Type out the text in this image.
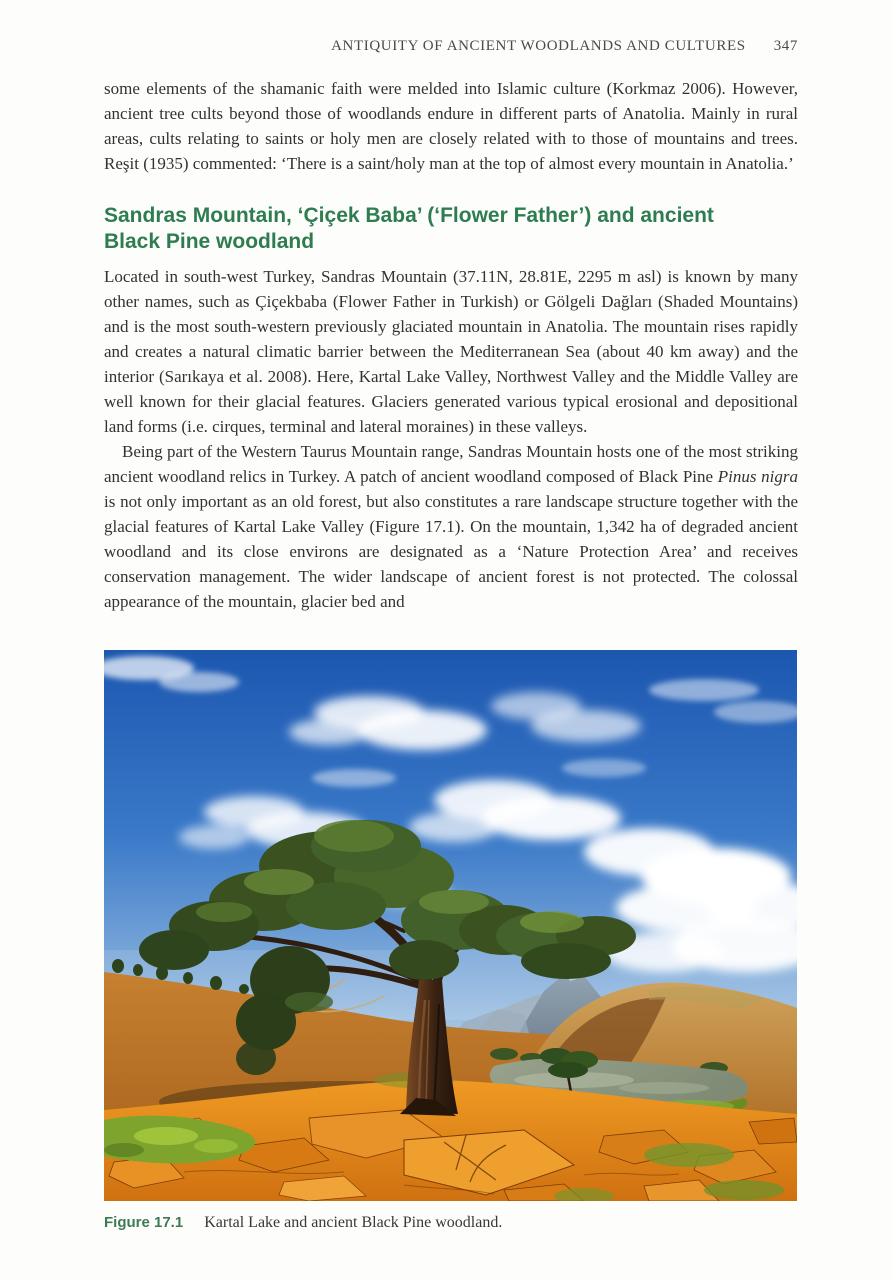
ANTIQUITY OF ANCIENT WOODLANDS AND CULTURES 347

some elements of the shamanic faith were melded into Islamic culture (Korkmaz 2006). However, ancient tree cults beyond those of woodlands endure in different parts of Anatolia. Mainly in rural areas, cults relating to saints or holy men are closely related with to those of mountains and trees. Reşit (1935) commented: ‘There is a saint/holy man at the top of almost every mountain in Anatolia.’

Sandras Mountain, ‘Çiçek Baba’ (‘Flower Father’) and ancient Black Pine woodland

Located in south-west Turkey, Sandras Mountain (37.11N, 28.81E, 2295 m asl) is known by many other names, such as Çiçekbaba (Flower Father in Turkish) or Gölgeli Dağları (Shaded Mountains) and is the most south-western previously glaciated mountain in Anatolia. The mountain rises rapidly and creates a natural climatic barrier between the Mediterranean Sea (about 40 km away) and the interior (Sarıkaya et al. 2008). Here, Kartal Lake Valley, Northwest Valley and the Middle Valley are well known for their glacial features. Glaciers generated various typical erosional and depositional land forms (i.e. cirques, terminal and lateral moraines) in these valleys.

Being part of the Western Taurus Mountain range, Sandras Mountain hosts one of the most striking ancient woodland relics in Turkey. A patch of ancient woodland composed of Black Pine Pinus nigra is not only important as an old forest, but also constitutes a rare landscape structure together with the glacial features of Kartal Lake Valley (Figure 17.1). On the mountain, 1,342 ha of degraded ancient woodland and its close environs are designated as a ‘Nature Protection Area’ and receives conservation management. The wider landscape of ancient forest is not protected. The colossal appearance of the mountain, glacier bed and

Figure 17.1 Kartal Lake and ancient Black Pine woodland.
